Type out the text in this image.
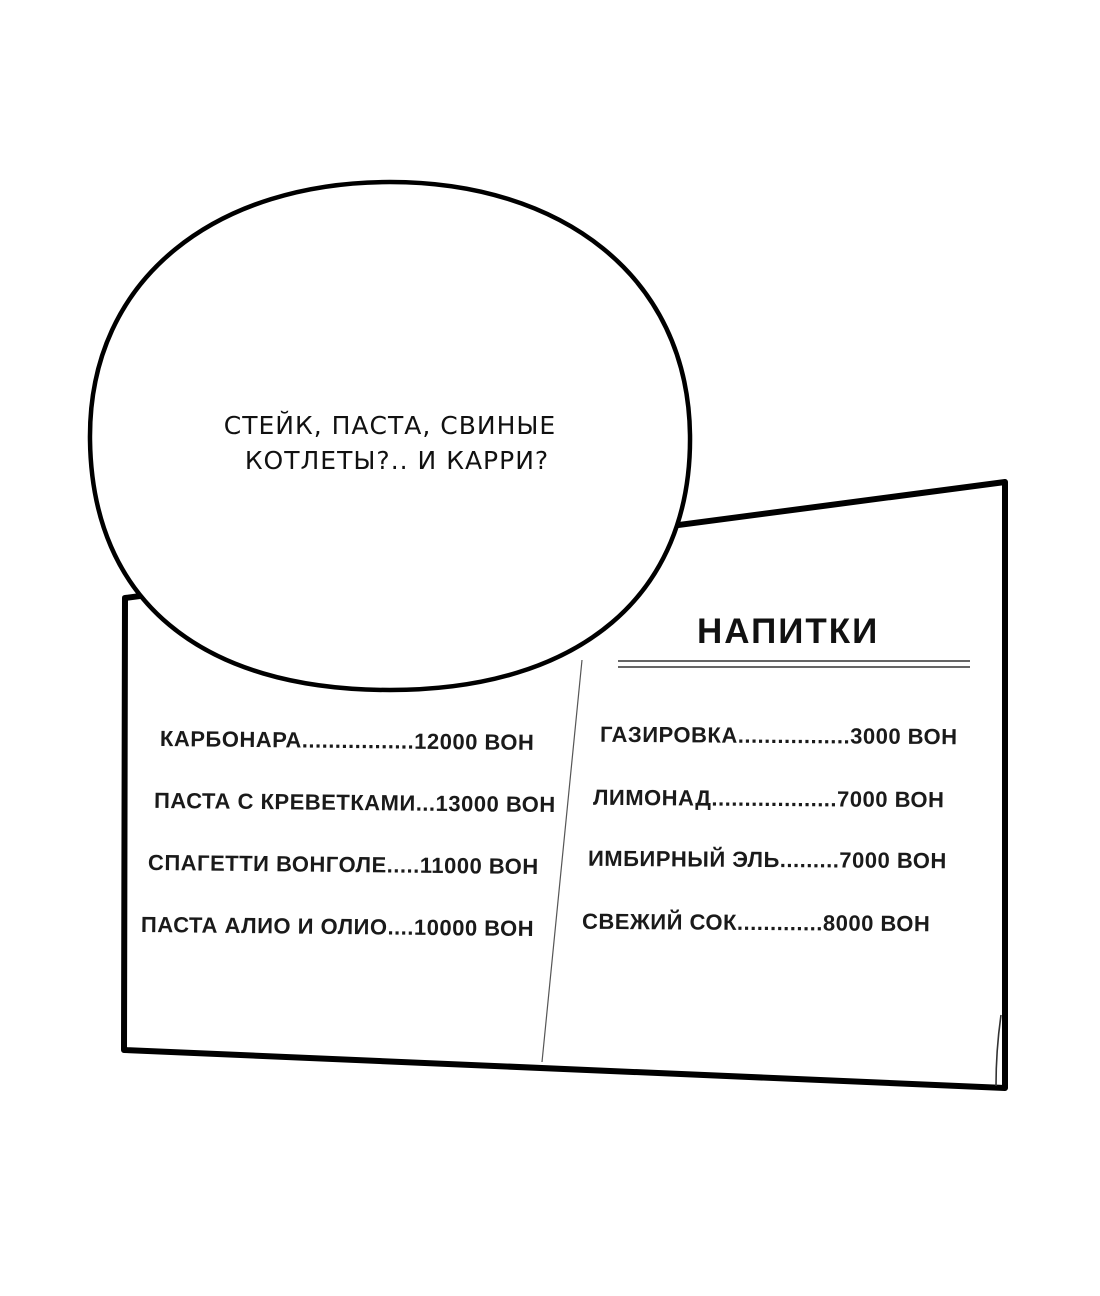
СТЕЙК, ПАСТА, СВИНЫЕ
КОТЛЕТЫ?.. И КАРРИ?
НАПИТКИ
КАРБОНАРА.................12000 ВОН
ПАСТА С КРЕВЕТКАМИ...13000 ВОН
СПАГЕТТИ ВОНГОЛЕ.....11000 ВОН
ПАСТА АЛИО И ОЛИО....10000 ВОН
ГАЗИРОВКА.................3000 ВОН
ЛИМОНАД...................7000 ВОН
ИМБИРНЫЙ ЭЛЬ.........7000 ВОН
СВЕЖИЙ СОК.............8000 ВОН
